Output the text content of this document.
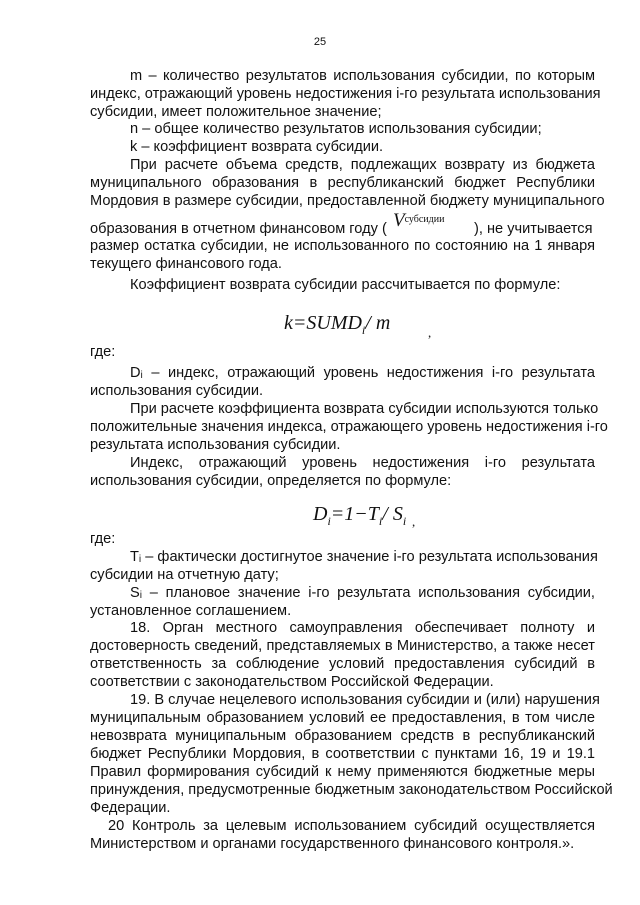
25
m – количество результатов использования субсидии, по которым
индекс, отражающий уровень недостижения i-го результата использования
субсидии, имеет положительное значение;
n – общее количество результатов использования субсидии;
k – коэффициент возврата субсидии.
При расчете объема средств, подлежащих возврату из бюджета
муниципального образования в республиканский бюджет Республики
Мордовия в размере субсидии, предоставленной бюджету муниципального
образования в отчетном финансовом году ( $V^{субсидии}$
), не учитывается
размер остатка субсидии, не использованного по состоянию на 1 января
текущего финансового года.
Коэффициент возврата субсидии рассчитывается по формуле:
$k=SUMD_i/$ m	,
где:
Dᵢ – индекс, отражающий уровень недостижения i-го результата
использования субсидии.
При расчете коэффициента возврата субсидии используются только
положительные значения индекса, отражающего уровень недостижения i-го
результата использования субсидии.
Индекс, отражающий уровень недостижения i-го результата
использования субсидии, определяется по формуле:
$D_i=1-T_i/$ $S_i$ ,
где:
Tᵢ – фактически достигнутое значение i-го результата использования
субсидии на отчетную дату;
Sᵢ – плановое значение i-го результата использования субсидии,
установленное соглашением.
18. Орган местного самоуправления обеспечивает полноту и
достоверность сведений, представляемых в Министерство, а также несет
ответственность за соблюдение условий предоставления субсидий в
соответствии с законодательством Российской Федерации.
19. В случае нецелевого использования субсидии и (или) нарушения
муниципальным образованием условий ее предоставления, в том числе
невозврата муниципальным образованием средств в республиканский
бюджет Республики Мордовия, в соответствии с пунктами 16, 19 и 19.1
Правил формирования субсидий к нему применяются бюджетные меры
принуждения, предусмотренные бюджетным законодательством Российской
Федерации.
20 Контроль за целевым использованием субсидий осуществляется
Министерством и органами государственного финансового контроля.».
